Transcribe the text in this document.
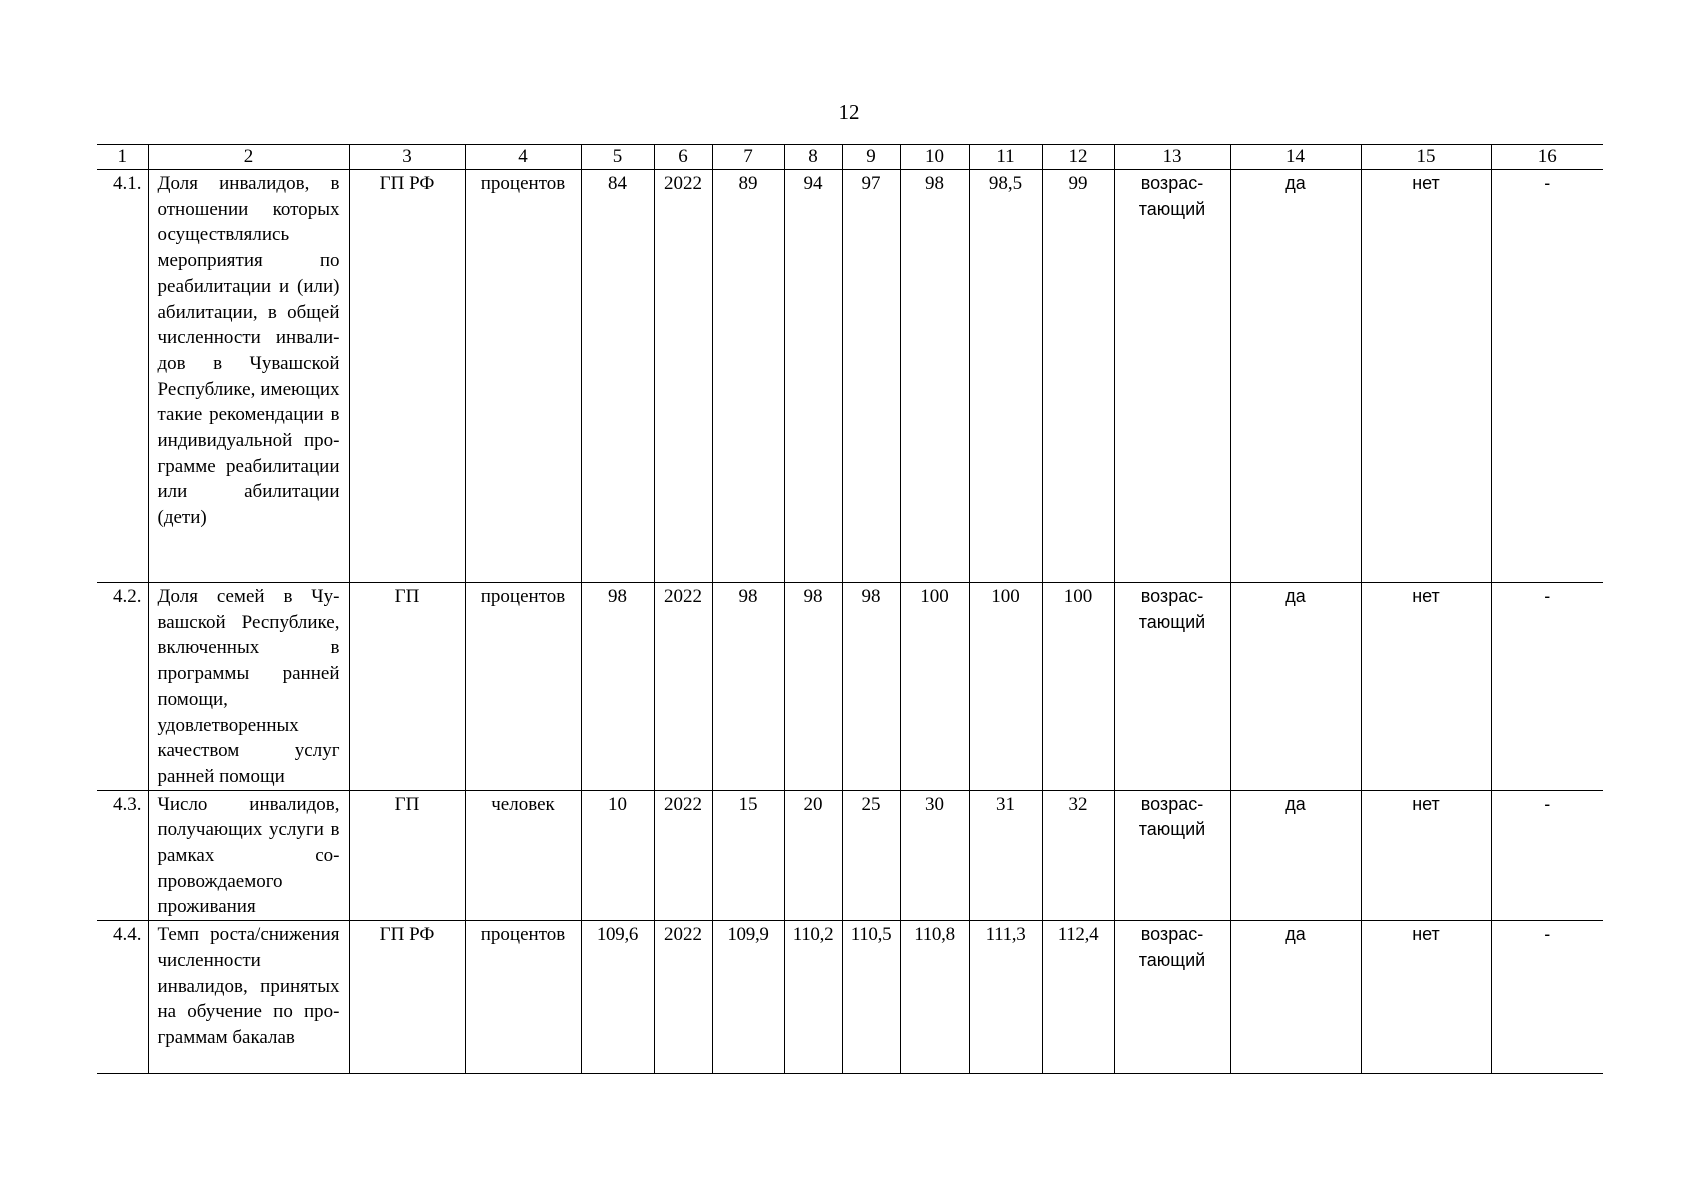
12
1	2	3	4	5	6	7	8	9	10	11	12	13	14	15	16
4.1.	Доля инвалидов, в отношении которых осуществлялись мероприятия по реабилитации и (или) абилитации, в общей численности инвалидов в Чувашской Республике, имеющих такие рекомендации в индивидуальной программе реабилитации или абилитации (дети)	ГП РФ	процентов	84	2022	89	94	97	98	98,5	99	возрастающий	да	нет	-
4.2.	Доля семей в Чувашской Республике, включенных в программы ранней помощи, удовлетворенных качеством услуг ранней помощи	ГП	процентов	98	2022	98	98	98	100	100	100	возрастающий	да	нет	-
4.3.	Число инвалидов, получающих услуги в рамках сопровождаемого проживания	ГП	человек	10	2022	15	20	25	30	31	32	возрастающий	да	нет	-
4.4.	Темп роста/снижения численности инвалидов, принятых на обучение по программам бакалав	ГП РФ	процентов	109,6	2022	109,9	110,2	110,5	110,8	111,3	112,4	возрастающий	да	нет	-
